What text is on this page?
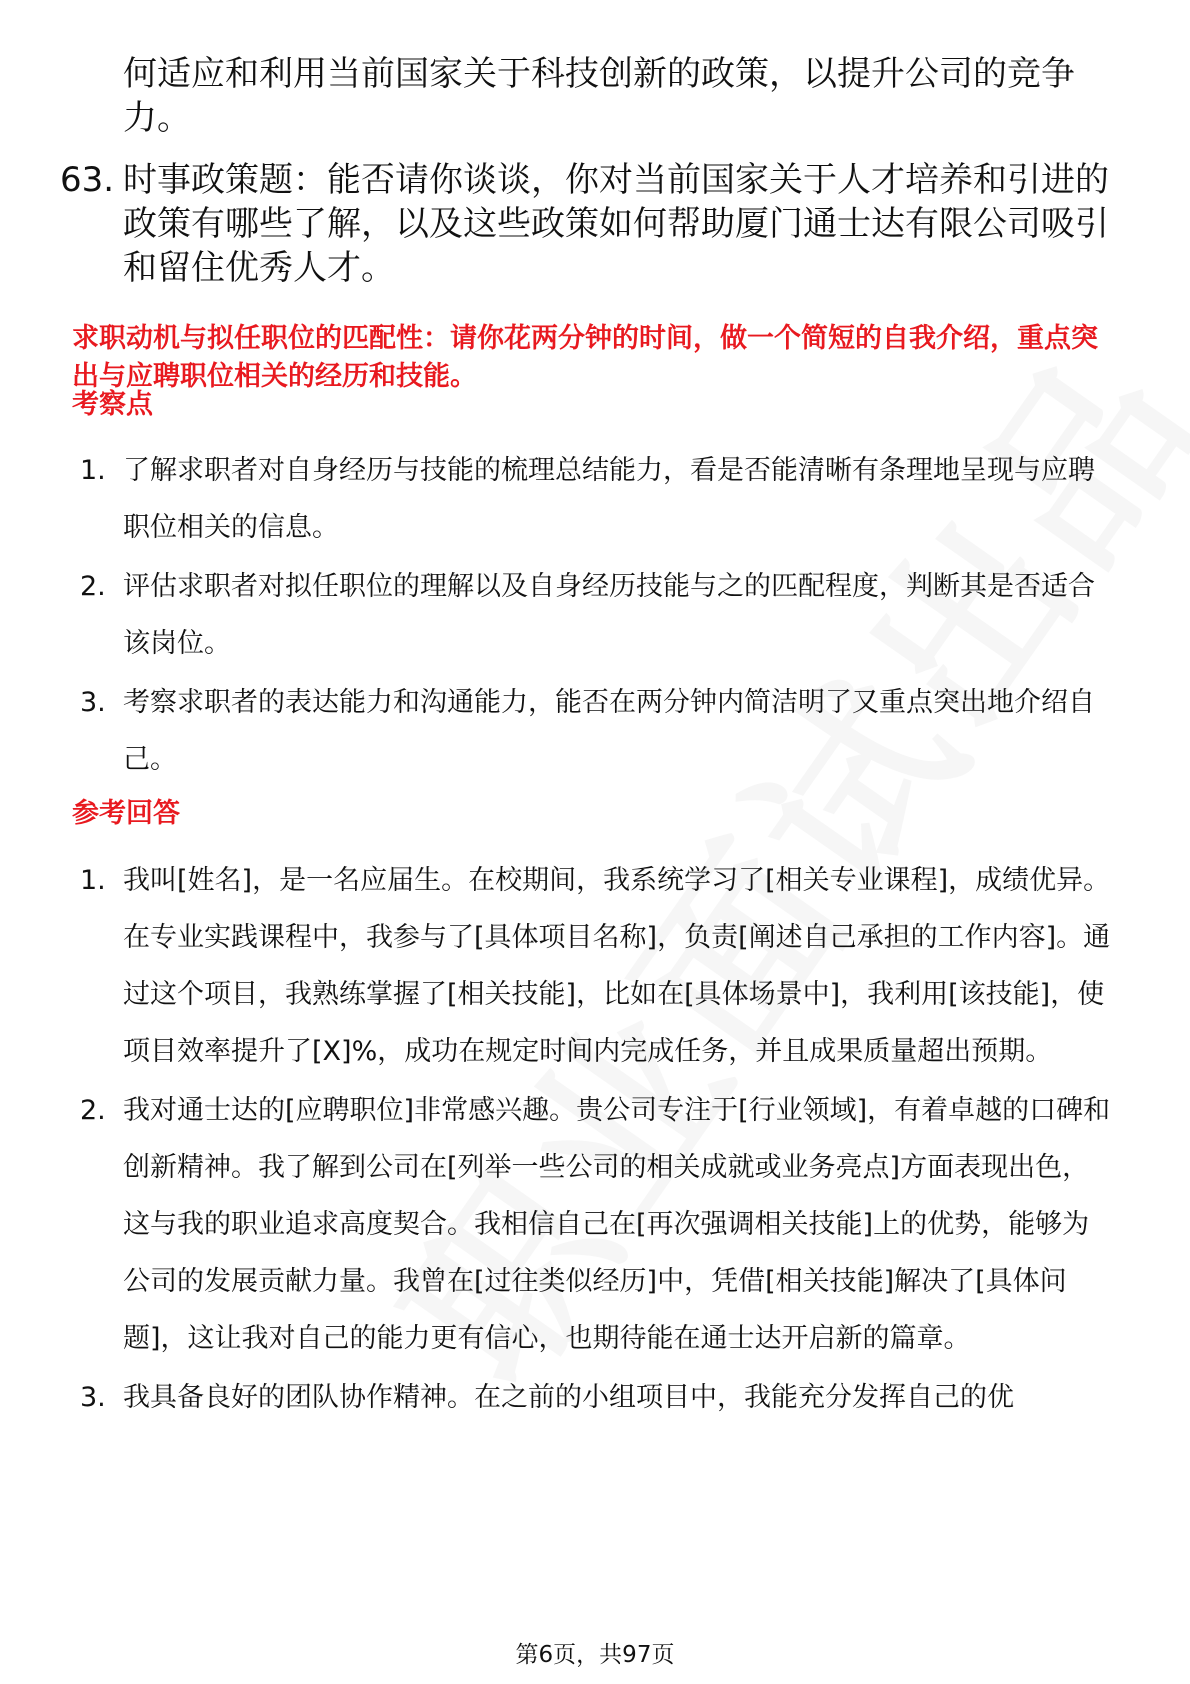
何适应和利用当前国家关于科技创新的政策，以提升公司的竞争力。
63. 时事政策题：能否请你谈谈，你对当前国家关于人才培养和引进的政策有哪些了解，以及这些政策如何帮助厦门通士达有限公司吸引和留住优秀人才。
求职动机与拟任职位的匹配性：请你花两分钟的时间，做一个简短的自我介绍，重点突出与应聘职位相关的经历和技能。
考察点
1. 了解求职者对自身经历与技能的梳理总结能力，看是否能清晰有条理地呈现与应聘职位相关的信息。
2. 评估求职者对拟任职位的理解以及自身经历技能与之的匹配程度，判断其是否适合该岗位。
3. 考察求职者的表达能力和沟通能力，能否在两分钟内简洁明了又重点突出地介绍自己。
参考回答
1. 我叫[姓名]，是一名应届生。在校期间，我系统学习了[相关专业课程]，成绩优异。在专业实践课程中，我参与了[具体项目名称]，负责[阐述自己承担的工作内容]。通过这个项目，我熟练掌握了[相关技能]，比如在[具体场景中]，我利用[该技能]，使项目效率提升了[X]%，成功在规定时间内完成任务，并且成果质量超出预期。
2. 我对通士达的[应聘职位]非常感兴趣。贵公司专注于[行业领域]，有着卓越的口碑和创新精神。我了解到公司在[列举一些公司的相关成就或业务亮点]方面表现出色，这与我的职业追求高度契合。我相信自己在[再次强调相关技能]上的优势，能够为公司的发展贡献力量。我曾在[过往类似经历]中，凭借[相关技能]解决了[具体问题]，这让我对自己的能力更有信心，也期待能在通士达开启新的篇章。
3. 我具备良好的团队协作精神。在之前的小组项目中，我能充分发挥自己的优
第6页，共97页
